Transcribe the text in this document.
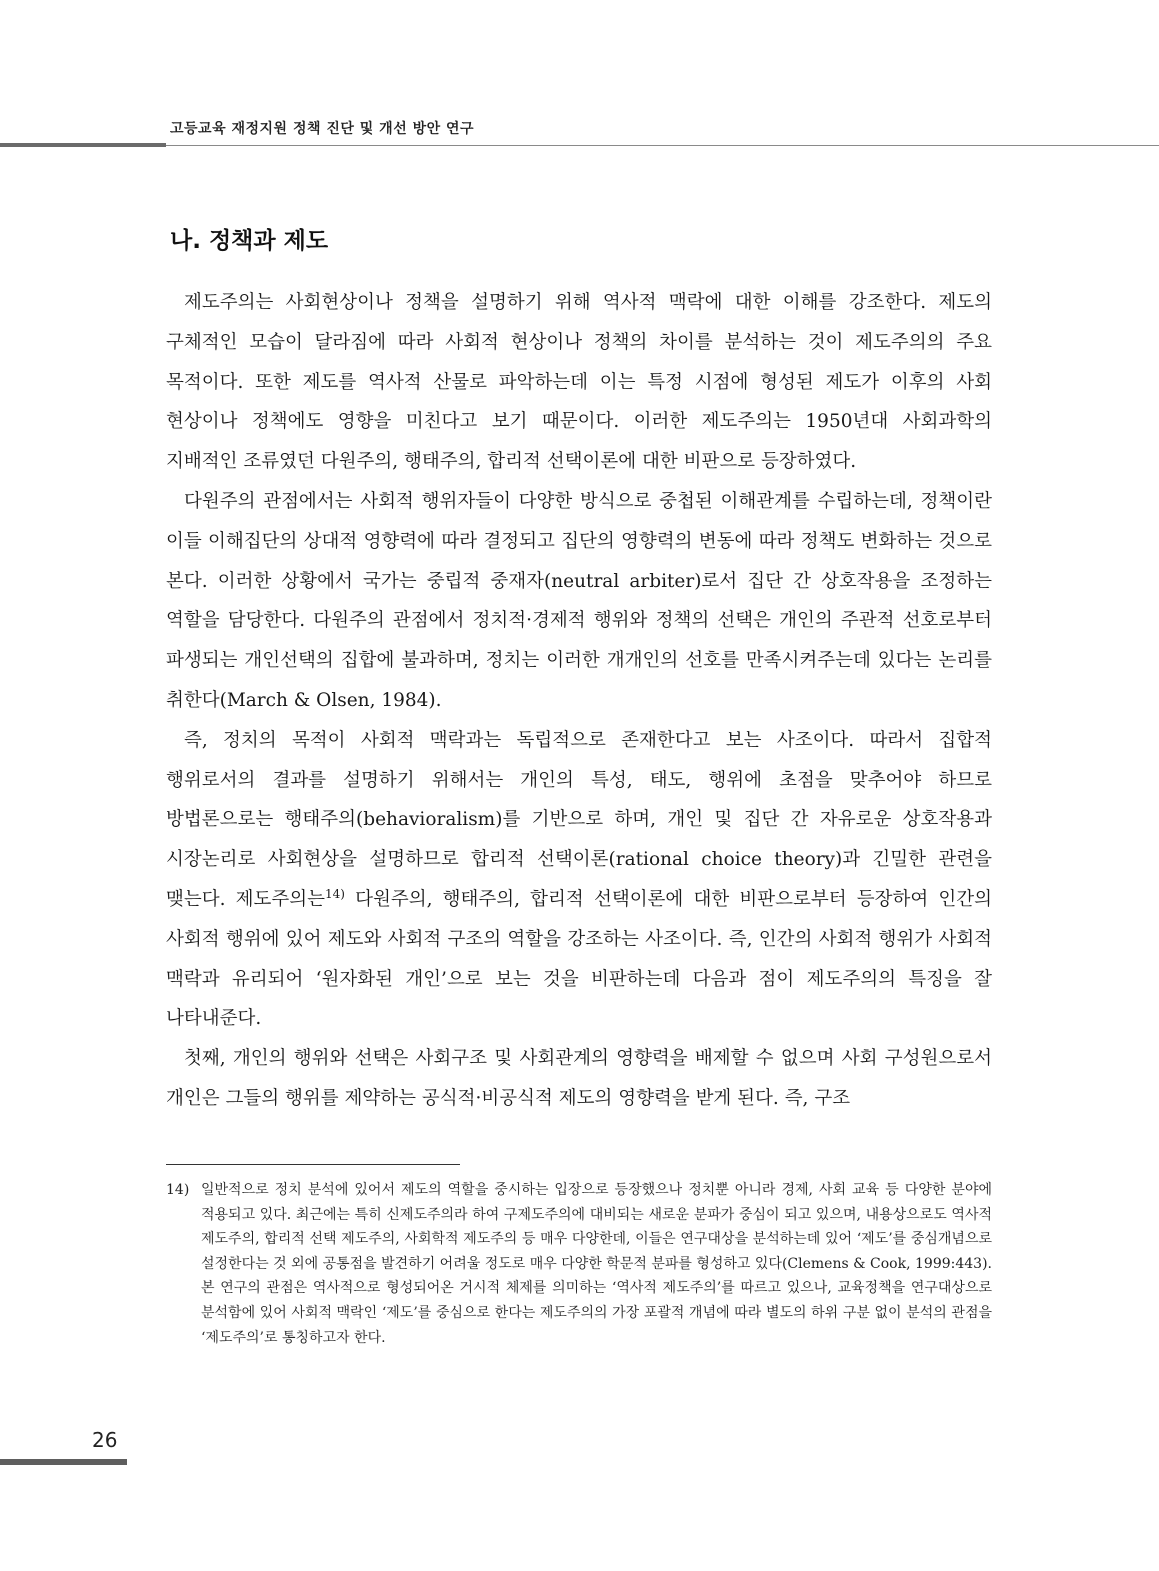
고등교육 재정지원 정책 진단 및 개선 방안 연구
나. 정책과 제도

제도주의는 사회현상이나 정책을 설명하기 위해 역사적 맥락에 대한 이해를 강조한다. 제도의 구체적인 모습이 달라짐에 따라 사회적 현상이나 정책의 차이를 분석하는 것이 제도주의의 주요 목적이다. 또한 제도를 역사적 산물로 파악하는데 이는 특정 시점에 형성된 제도가 이후의 사회 현상이나 정책에도 영향을 미친다고 보기 때문이다. 이러한 제도주의는 1950년대 사회과학의 지배적인 조류였던 다원주의, 행태주의, 합리적 선택이론에 대한 비판으로 등장하였다.

다원주의 관점에서는 사회적 행위자들이 다양한 방식으로 중첩된 이해관계를 수립하는데, 정책이란 이들 이해집단의 상대적 영향력에 따라 결정되고 집단의 영향력의 변동에 따라 정책도 변화하는 것으로 본다. 이러한 상황에서 국가는 중립적 중재자(neutral arbiter)로서 집단 간 상호작용을 조정하는 역할을 담당한다. 다원주의 관점에서 정치적·경제적 행위와 정책의 선택은 개인의 주관적 선호로부터 파생되는 개인선택의 집합에 불과하며, 정치는 이러한 개개인의 선호를 만족시켜주는데 있다는 논리를 취한다(March & Olsen, 1984).

즉, 정치의 목적이 사회적 맥락과는 독립적으로 존재한다고 보는 사조이다. 따라서 집합적 행위로서의 결과를 설명하기 위해서는 개인의 특성, 태도, 행위에 초점을 맞추어야 하므로 방법론으로는 행태주의(behavioralism)를 기반으로 하며, 개인 및 집단 간 자유로운 상호작용과 시장논리로 사회현상을 설명하므로 합리적 선택이론(rational choice theory)과 긴밀한 관련을 맺는다. 제도주의는$^{14)}$ 다원주의, 행태주의, 합리적 선택이론에 대한 비판으로부터 등장하여 인간의 사회적 행위에 있어 제도와 사회적 구조의 역할을 강조하는 사조이다. 즉, 인간의 사회적 행위가 사회적 맥락과 유리되어 ‘원자화된 개인’으로 보는 것을 비판하는데 다음과 점이 제도주의의 특징을 잘 나타내준다.

첫째, 개인의 행위와 선택은 사회구조 및 사회관계의 영향력을 배제할 수 없으며 사회 구성원으로서 개인은 그들의 행위를 제약하는 공식적·비공식적 제도의 영향력을 받게 된다. 즉, 구조

14) 일반적으로 정치 분석에 있어서 제도의 역할을 중시하는 입장으로 등장했으나 정치뿐 아니라 경제, 사회 교육 등 다양한 분야에 적용되고 있다. 최근에는 특히 신제도주의라 하여 구제도주의에 대비되는 새로운 분파가 중심이 되고 있으며, 내용상으로도 역사적 제도주의, 합리적 선택 제도주의, 사회학적 제도주의 등 매우 다양한데, 이들은 연구대상을 분석하는데 있어 ‘제도’를 중심개념으로 설정한다는 것 외에 공통점을 발견하기 어려울 정도로 매우 다양한 학문적 분파를 형성하고 있다(Clemens & Cook, 1999:443). 본 연구의 관점은 역사적으로 형성되어온 거시적 체제를 의미하는 ‘역사적 제도주의’를 따르고 있으나, 교육정책을 연구대상으로 분석함에 있어 사회적 맥락인 ‘제도’를 중심으로 한다는 제도주의의 가장 포괄적 개념에 따라 별도의 하위 구분 없이 분석의 관점을 ‘제도주의’로 통칭하고자 한다.
26
